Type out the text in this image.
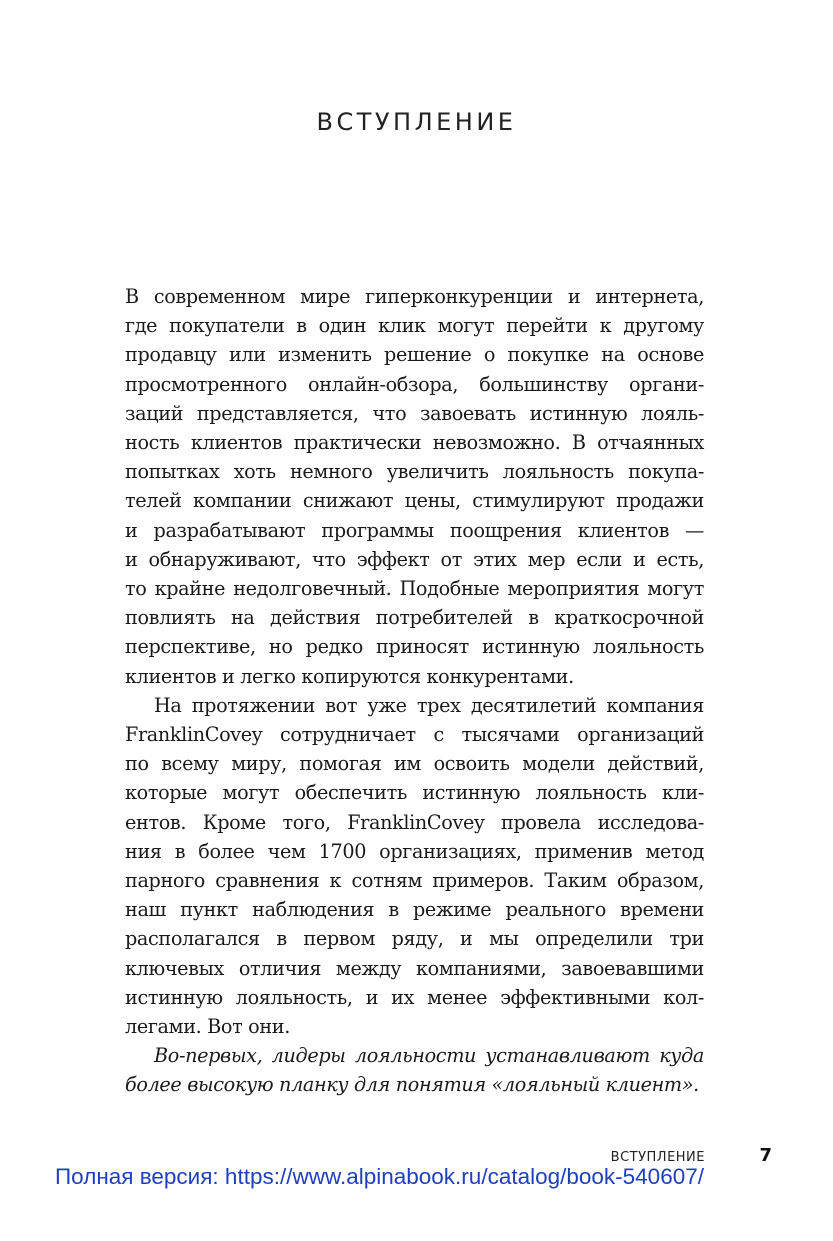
ВСТУПЛЕНИЕ

В современном мире гиперконкуренции и интернета,
где покупатели в один клик могут перейти к другому
продавцу или изменить решение о покупке на основе
просмотренного онлайн-обзора, большинству органи-
заций представляется, что завоевать истинную лояль-
ность клиентов практически невозможно. В отчаянных
попытках хоть немного увеличить лояльность покупа-
телей компании снижают цены, стимулируют продажи
и разрабатывают программы поощрения клиентов —
и обнаруживают, что эффект от этих мер если и есть,
то крайне недолговечный. Подобные мероприятия могут
повлиять на действия потребителей в краткосрочной
перспективе, но редко приносят истинную лояльность
клиентов и легко копируются конкурентами.

На протяжении вот уже трех десятилетий компания
FranklinCovey сотрудничает с тысячами организаций
по всему миру, помогая им освоить модели действий,
которые могут обеспечить истинную лояльность кли-
ентов. Кроме того, FranklinCovey провела исследова-
ния в более чем 1700 организациях, применив метод
парного сравнения к сотням примеров. Таким образом,
наш пункт наблюдения в режиме реального времени
располагался в первом ряду, и мы определили три
ключевых отличия между компаниями, завоевавшими
истинную лояльность, и их менее эффективными кол-
легами. Вот они.

Во-первых, лидеры лояльности устанавливают куда
более высокую планку для понятия «лояльный клиент».

ВСТУПЛЕНИЕ	7
Полная версия: https://www.alpinabook.ru/catalog/book-540607/
